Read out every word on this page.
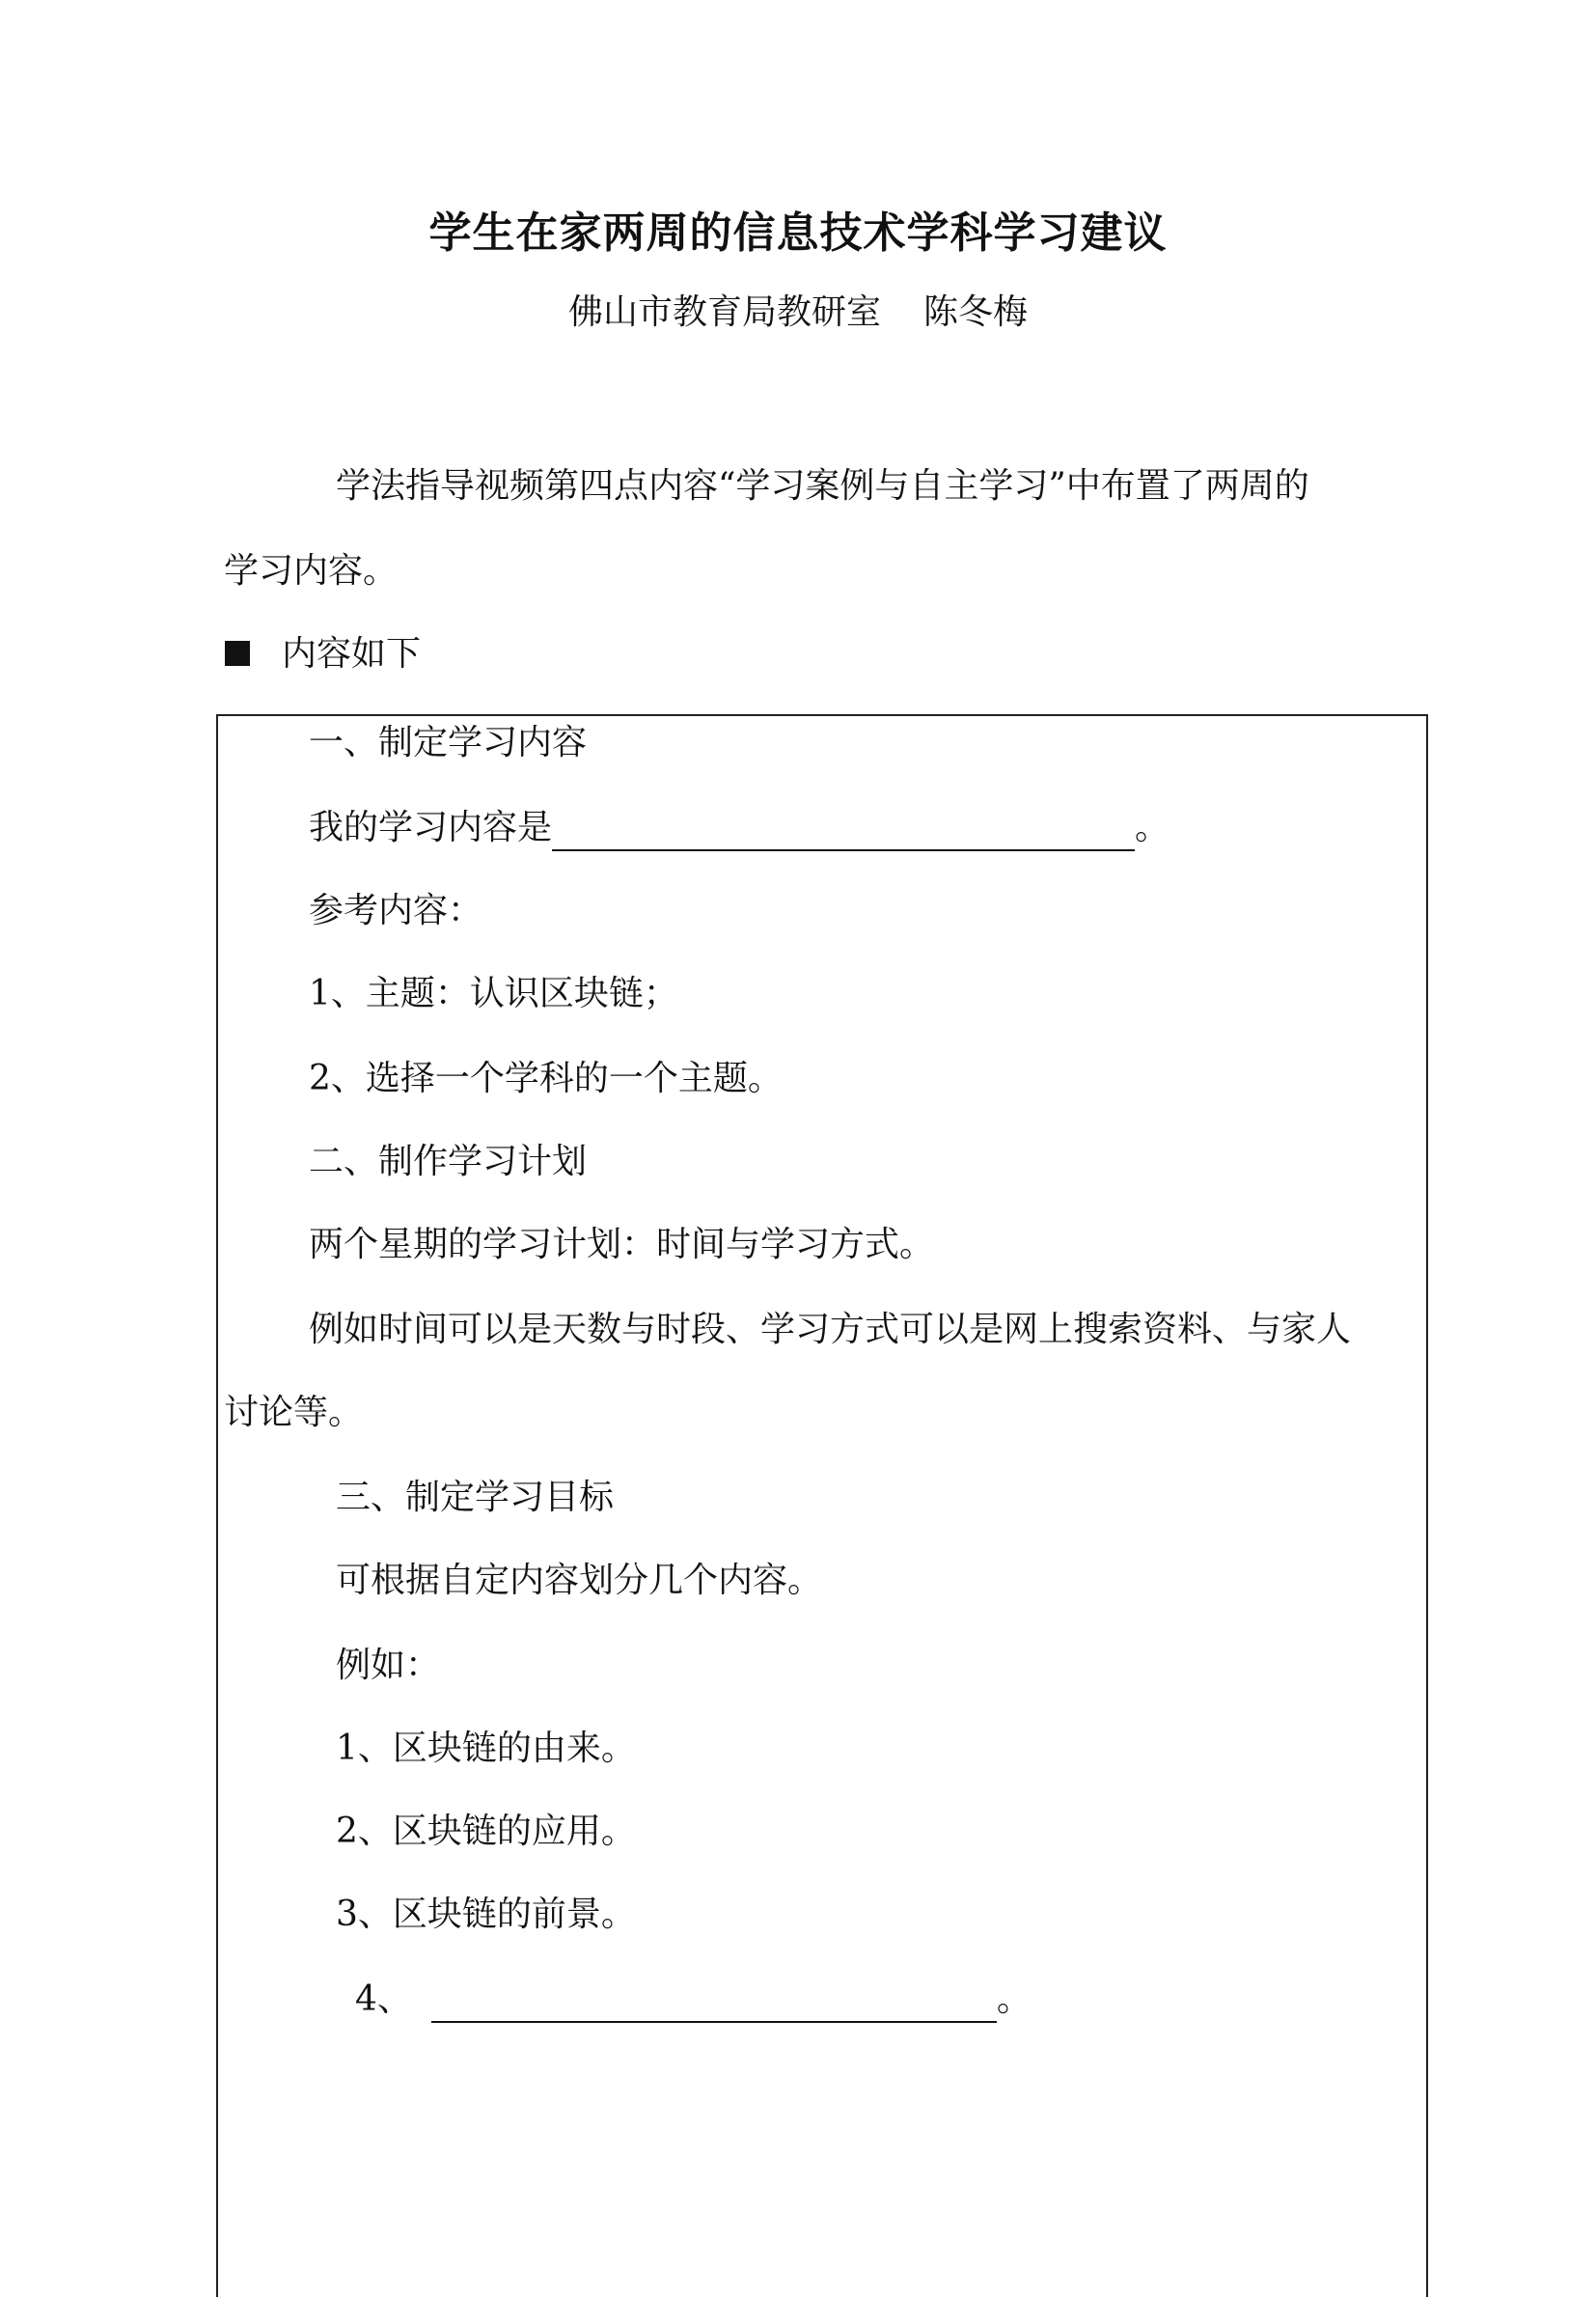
学生在家两周的信息技术学科学习建议
佛山市教育局教研室 陈冬梅
学法指导视频第四点内容“学习案例与自主学习”中布置了两周的
学习内容。
内容如下
一、制定学习内容
我的学习内容是	。
参考内容：
1、主题：认识区块链；
2、选择一个学科的一个主题。
二、制作学习计划
两个星期的学习计划：时间与学习方式。
例如时间可以是天数与时段、学习方式可以是网上搜索资料、与家人
讨论等。
三、制定学习目标
可根据自定内容划分几个内容。
例如：
1、区块链的由来。
2、区块链的应用。
3、区块链的前景。
4、	。
